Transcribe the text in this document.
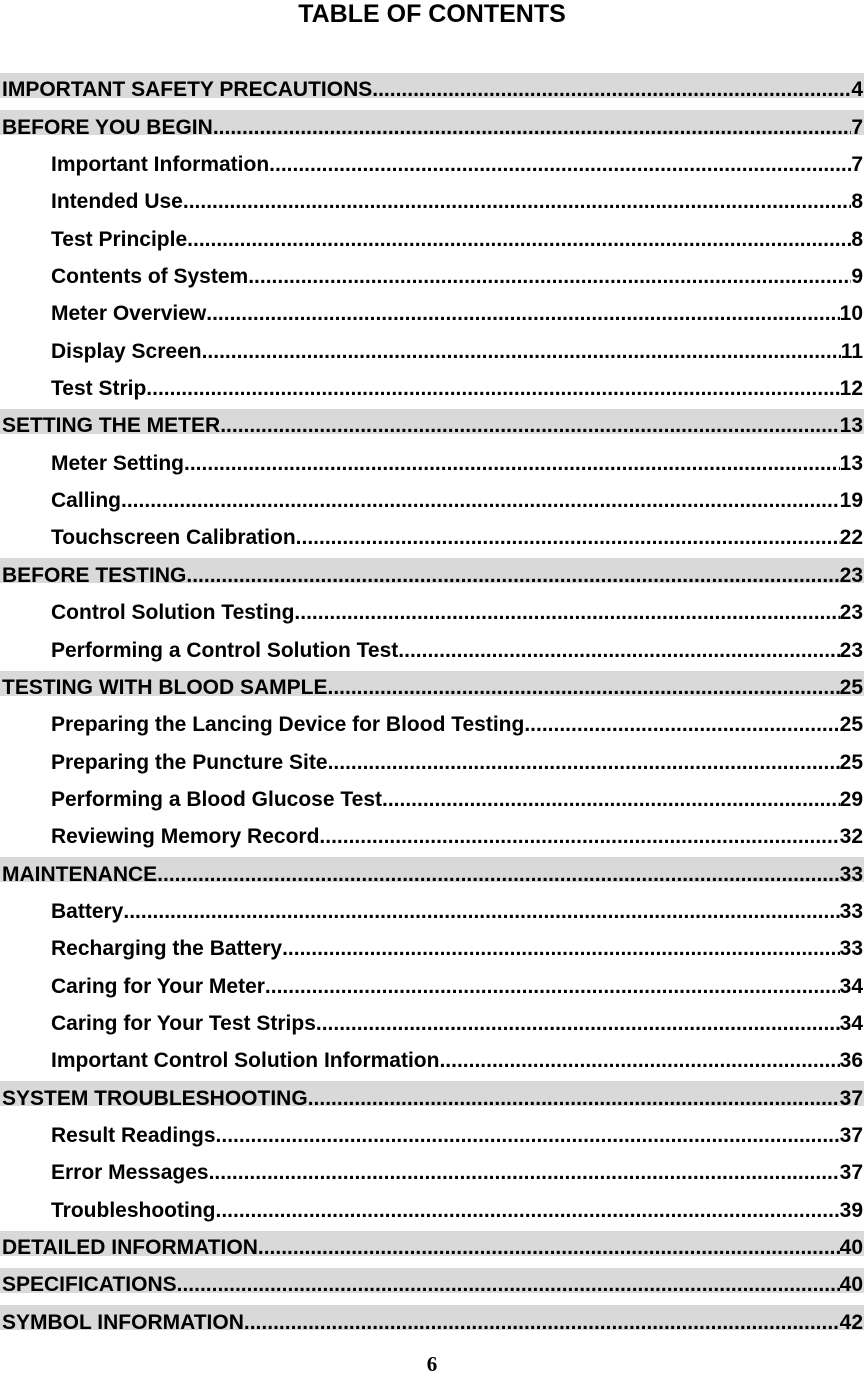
TABLE OF CONTENTS
IMPORTANT SAFETY PRECAUTIONS .....	4
BEFORE YOU BEGIN .....	7
Important Information .....	7
Intended Use .....	8
Test Principle .....	8
Contents of System .....	9
Meter Overview .....	10
Display Screen .....	11
Test Strip .....	12
SETTING THE METER .....	13
Meter Setting .....	13
Calling .....	19
Touchscreen Calibration .....	22
BEFORE TESTING .....	23
Control Solution Testing .....	23
Performing a Control Solution Test .....	23
TESTING WITH BLOOD SAMPLE .....	25
Preparing the Lancing Device for Blood Testing .....	25
Preparing the Puncture Site .....	25
Performing a Blood Glucose Test .....	29
Reviewing Memory Record .....	32
MAINTENANCE .....	33
Battery .....	33
Recharging the Battery .....	33
Caring for Your Meter .....	34
Caring for Your Test Strips .....	34
Important Control Solution Information .....	36
SYSTEM TROUBLESHOOTING .....	37
Result Readings .....	37
Error Messages .....	37
Troubleshooting .....	39
DETAILED INFORMATION .....	40
SPECIFICATIONS .....	40
SYMBOL INFORMATION .....	42
6
